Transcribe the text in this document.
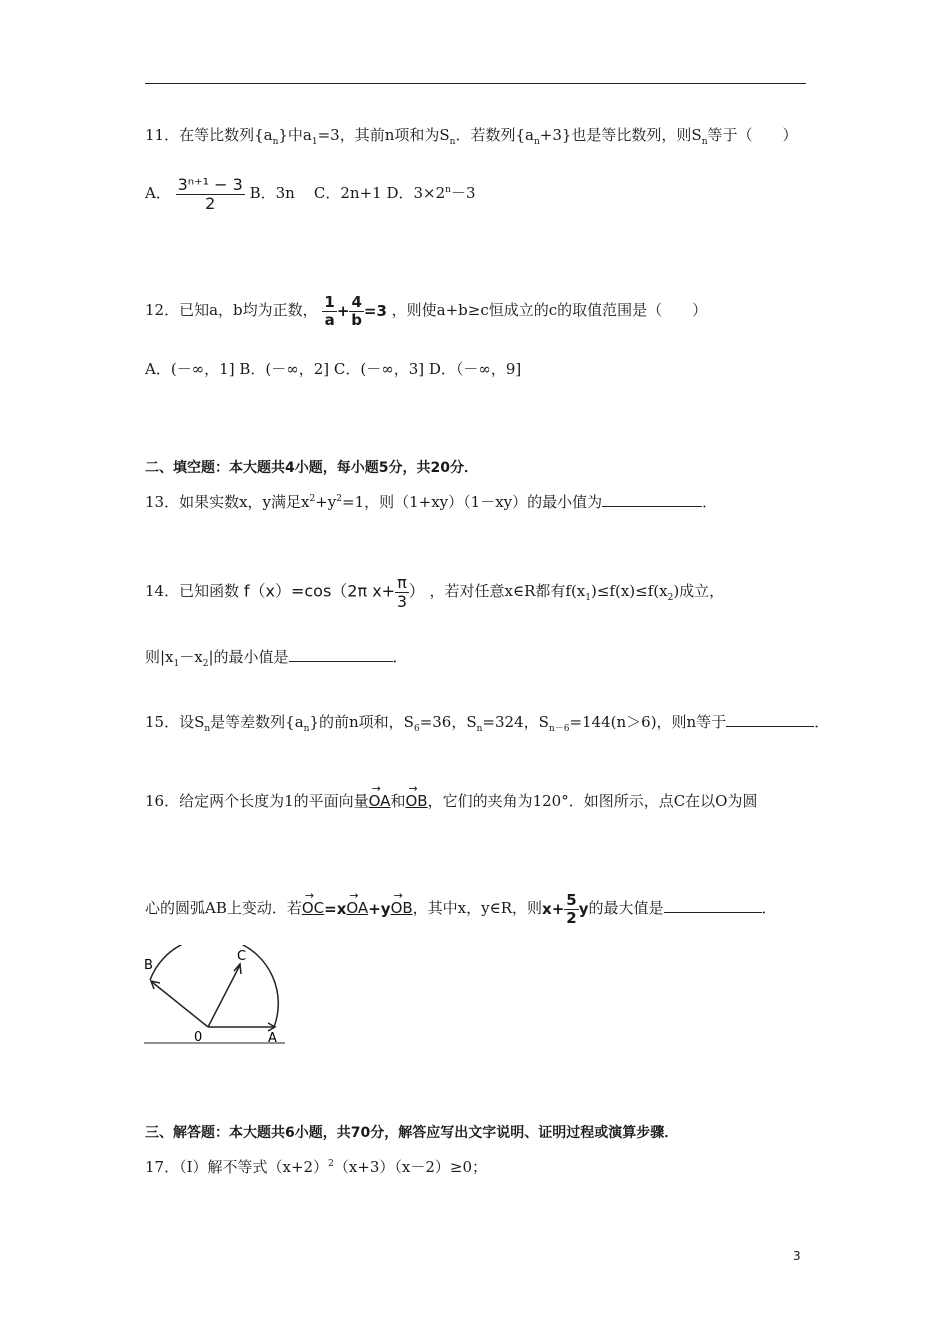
11．在等比数列$\{a_n\}$中$a_1=3$，其前n项和为$S_n$．若数列$\{a_n+3\}$也是等比数列，则$S_n$等于（　　）
A． $\frac{\text{3ⁿ⁺¹ − 3}}{2}$ B．3n C．2n+1 D．$3\times 2^n-3$
12．已知a，b均为正数， $\frac{1}{a} + \frac{4}{b} =3$ ，则使a+b≥c恒成立的c的取值范围是（　　）
A．(－∞，1] B．(－∞，2] C．(－∞，3] D．（－∞，9]
二、填空题：本大题共4小题，每小题5分，共20分．
13．如果实数x，y满足$x^2+y^2=1$，则（1+xy）（1－xy）的最小值为	．
14．已知函数 f（x）=cos（2π $x+ \frac{\pi}{3}$ ） ，若对任意x∈R都有$f(x_1)\le f(x)\le f(x_2)$成立，
则$|x_1-x_2|$的最小值是	．
15．设$S_n$是等差数列$\{a_n\}$的前n项和，$S_6=36$，$S_n=324$，$S_{n-6}=144(n>6)$，则n等于	．
16．给定两个长度为1的平面向量→ OA和→ OB，它们的夹角为120°．如图所示，点C在以O为圆
心的圆弧AB上变动．若→ OC=x→ OA+y→ OB，其中x，y∈R，则$x+ \frac{5}{2}$ y的最大值是	．
B
C
0	A
三、解答题：本大题共6小题，共70分，解答应写出文字说明、证明过程或演算步骤．
17．（Ⅰ）解不等式$(x+2)^2(x+3)(x-2)\ge 0$；
3
